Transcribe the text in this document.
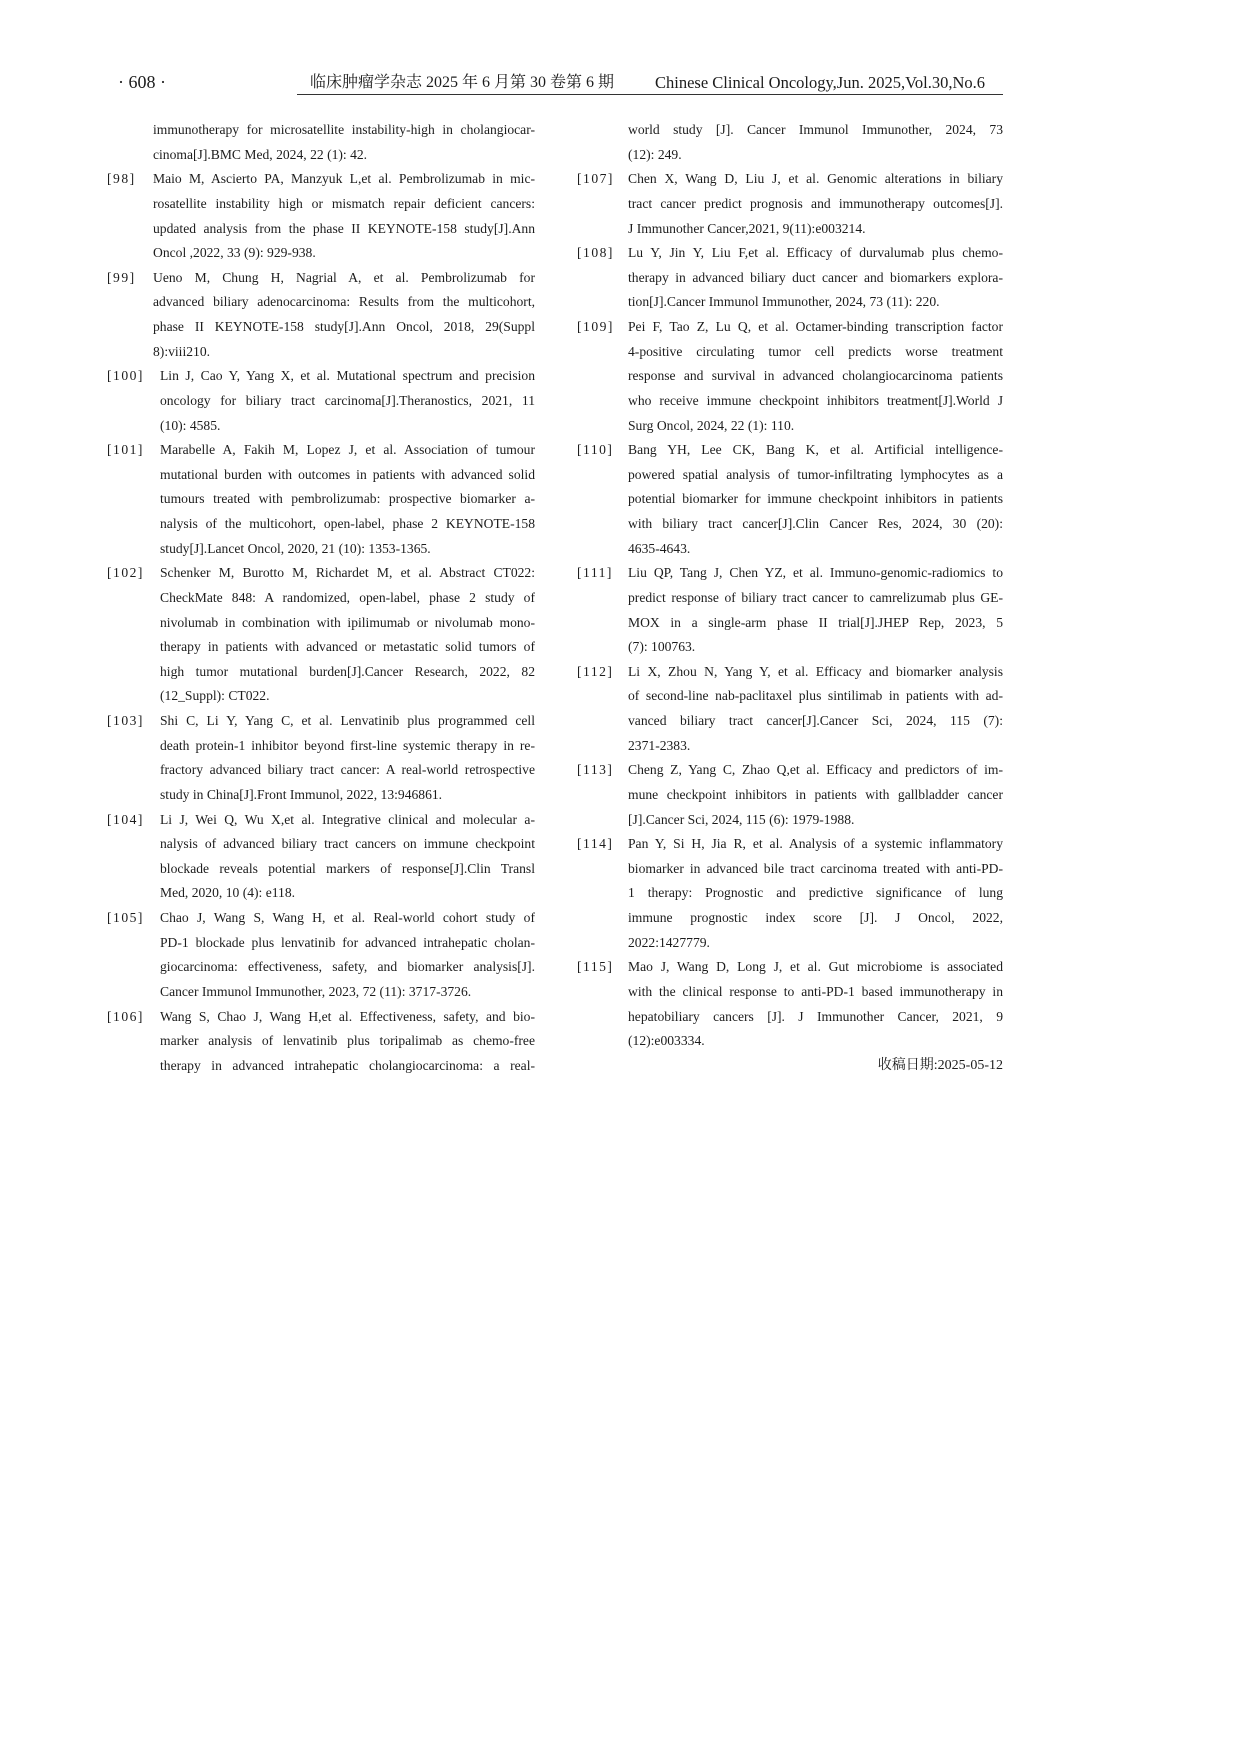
· 608 ·	临床肿瘤学杂志 2025 年 6 月第 30 卷第 6 期 Chinese Clinical Oncology,Jun. 2025,Vol.30,No.6
immunotherapy for microsatellite instability-high in cholangiocar-
cinoma[J].BMC Med, 2024, 22 (1): 42.
[98] Maio M, Ascierto PA, Manzyuk L,et al. Pembrolizumab in mic-
rosatellite instability high or mismatch repair deficient cancers:
updated analysis from the phase II KEYNOTE-158 study[J].Ann
Oncol ,2022, 33 (9): 929-938.
[99] Ueno M, Chung H, Nagrial A, et al. Pembrolizumab for
advanced biliary adenocarcinoma: Results from the multicohort,
phase II KEYNOTE-158 study[J].Ann Oncol, 2018, 29(Suppl
8):viii210.
[100] Lin J, Cao Y, Yang X, et al. Mutational spectrum and precision
oncology for biliary tract carcinoma[J].Theranostics, 2021, 11
(10): 4585.
[101] Marabelle A, Fakih M, Lopez J, et al. Association of tumour
mutational burden with outcomes in patients with advanced solid
tumours treated with pembrolizumab: prospective biomarker a-
nalysis of the multicohort, open-label, phase 2 KEYNOTE-158
study[J].Lancet Oncol, 2020, 21 (10): 1353-1365.
[102] Schenker M, Burotto M, Richardet M, et al. Abstract CT022:
CheckMate 848: A randomized, open-label, phase 2 study of
nivolumab in combination with ipilimumab or nivolumab mono-
therapy in patients with advanced or metastatic solid tumors of
high tumor mutational burden[J].Cancer Research, 2022, 82
(12_Suppl): CT022.
[103] Shi C, Li Y, Yang C, et al. Lenvatinib plus programmed cell
death protein-1 inhibitor beyond first-line systemic therapy in re-
fractory advanced biliary tract cancer: A real-world retrospective
study in China[J].Front Immunol, 2022, 13:946861.
[104] Li J, Wei Q, Wu X,et al. Integrative clinical and molecular a-
nalysis of advanced biliary tract cancers on immune checkpoint
blockade reveals potential markers of response[J].Clin Transl
Med, 2020, 10 (4): e118.
[105] Chao J, Wang S, Wang H, et al. Real-world cohort study of
PD-1 blockade plus lenvatinib for advanced intrahepatic cholan-
giocarcinoma: effectiveness, safety, and biomarker analysis[J].
Cancer Immunol Immunother, 2023, 72 (11): 3717-3726.
[106] Wang S, Chao J, Wang H,et al. Effectiveness, safety, and bio-
marker analysis of lenvatinib plus toripalimab as chemo-free
therapy in advanced intrahepatic cholangiocarcinoma: a real-
world study [J]. Cancer Immunol Immunother, 2024, 73
(12): 249.
[107] Chen X, Wang D, Liu J, et al. Genomic alterations in biliary
tract cancer predict prognosis and immunotherapy outcomes[J].
J Immunother Cancer,2021, 9(11):e003214.
[108] Lu Y, Jin Y, Liu F,et al. Efficacy of durvalumab plus chemo-
therapy in advanced biliary duct cancer and biomarkers explora-
tion[J].Cancer Immunol Immunother, 2024, 73 (11): 220.
[109] Pei F, Tao Z, Lu Q, et al. Octamer-binding transcription factor
4-positive circulating tumor cell predicts worse treatment
response and survival in advanced cholangiocarcinoma patients
who receive immune checkpoint inhibitors treatment[J].World J
Surg Oncol, 2024, 22 (1): 110.
[110] Bang YH, Lee CK, Bang K, et al. Artificial intelligence-
powered spatial analysis of tumor-infiltrating lymphocytes as a
potential biomarker for immune checkpoint inhibitors in patients
with biliary tract cancer[J].Clin Cancer Res, 2024, 30 (20):
4635-4643.
[111] Liu QP, Tang J, Chen YZ, et al. Immuno-genomic-radiomics to
predict response of biliary tract cancer to camrelizumab plus GE-
MOX in a single-arm phase II trial[J].JHEP Rep, 2023, 5
(7): 100763.
[112] Li X, Zhou N, Yang Y, et al. Efficacy and biomarker analysis
of second-line nab-paclitaxel plus sintilimab in patients with ad-
vanced biliary tract cancer[J].Cancer Sci, 2024, 115 (7):
2371-2383.
[113] Cheng Z, Yang C, Zhao Q,et al. Efficacy and predictors of im-
mune checkpoint inhibitors in patients with gallbladder cancer
[J].Cancer Sci, 2024, 115 (6): 1979-1988.
[114] Pan Y, Si H, Jia R, et al. Analysis of a systemic inflammatory
biomarker in advanced bile tract carcinoma treated with anti-PD-
1 therapy: Prognostic and predictive significance of lung
immune prognostic index score [J]. J Oncol, 2022,
2022:1427779.
[115] Mao J, Wang D, Long J, et al. Gut microbiome is associated
with the clinical response to anti-PD-1 based immunotherapy in
hepatobiliary cancers [J]. J Immunother Cancer, 2021, 9
(12):e003334.
收稿日期:2025-05-12
